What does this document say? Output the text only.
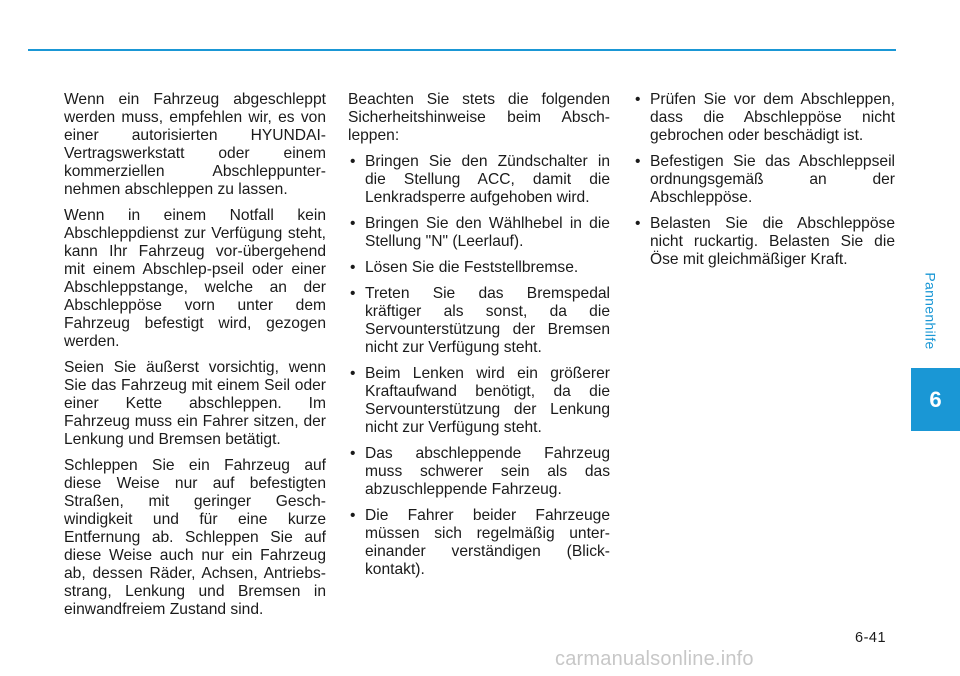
Wenn ein Fahrzeug abgeschleppt werden muss, empfehlen wir, es von einer autorisierten HYUNDAI-Vertragswerkstatt oder einem kommerziellen Abschleppunter-nehmen abschleppen zu lassen.

Wenn in einem Notfall kein Abschleppdienst zur Verfügung steht, kann Ihr Fahrzeug vor-übergehend mit einem Abschlep-pseil oder einer Abschleppstange, welche an der Abschleppöse vorn unter dem Fahrzeug befestigt wird, gezogen werden.

Seien Sie äußerst vorsichtig, wenn Sie das Fahrzeug mit einem Seil oder einer Kette abschleppen. Im Fahrzeug muss ein Fahrer sitzen, der Lenkung und Bremsen betätigt.

Schleppen Sie ein Fahrzeug auf diese Weise nur auf befestigten Straßen, mit geringer Gesch-windigkeit und für eine kurze Entfernung ab. Schleppen Sie auf diese Weise auch nur ein Fahrzeug ab, dessen Räder, Achsen, Antriebs-strang, Lenkung und Bremsen in einwandfreiem Zustand sind.

Beachten Sie stets die folgenden Sicherheitshinweise beim Absch-leppen:

• Bringen Sie den Zündschalter in die Stellung ACC, damit die Lenkradsperre aufgehoben wird.
• Bringen Sie den Wählhebel in die Stellung "N" (Leerlauf).
• Lösen Sie die Feststellbremse.
• Treten Sie das Bremspedal kräftiger als sonst, da die Servounterstützung der Bremsen nicht zur Verfügung steht.
• Beim Lenken wird ein größerer Kraftaufwand benötigt, da die Servounterstützung der Lenkung nicht zur Verfügung steht.
• Das abschleppende Fahrzeug muss schwerer sein als das abzuschleppende Fahrzeug.
• Die Fahrer beider Fahrzeuge müssen sich regelmäßig unter-einander verständigen (Blick-kontakt).
• Prüfen Sie vor dem Abschleppen, dass die Abschleppöse nicht gebrochen oder beschädigt ist.
• Befestigen Sie das Abschleppseil ordnungsgemäß an der Abschleppöse.
• Belasten Sie die Abschleppöse nicht ruckartig. Belasten Sie die Öse mit gleichmäßiger Kraft.
Pannenhilfe
6
6-41
carmanualsonline.info
